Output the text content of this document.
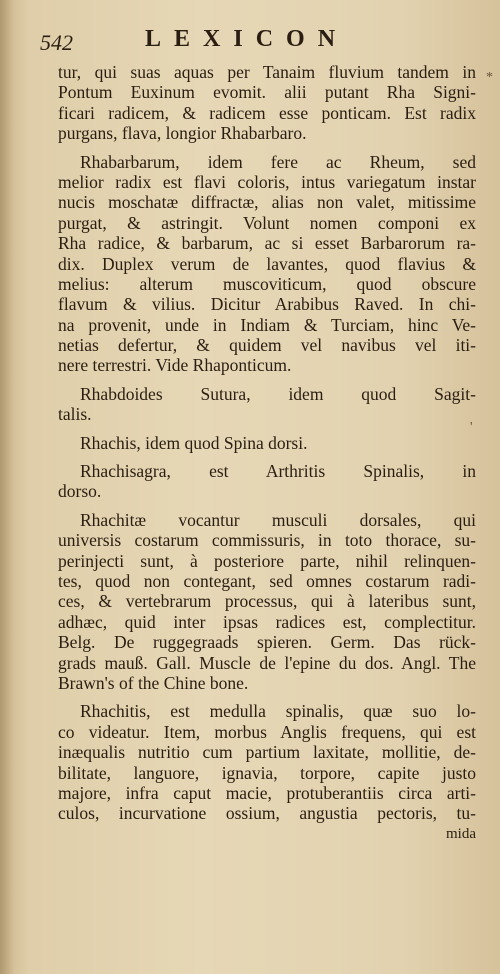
542	LEXICON
*
'
tur, qui suas aquas per Tanaim fluvium tandem in
Pontum Euxinum evomit. alii putant Rha Signi-
ficari radicem, & radicem esse ponticam. Est radix
purgans, flava, longior Rhabarbaro.
Rhabarbarum, idem fere ac Rheum, sed
melior radix est flavi coloris, intus variegatum instar
nucis moschatæ diffractæ, alias non valet, mitissime
purgat, & astringit. Volunt nomen componi ex
Rha radice, & barbarum, ac si esset Barbarorum ra-
dix. Duplex verum de lavantes, quod flavius &
melius: alterum muscoviticum, quod obscure
flavum & vilius. Dicitur Arabibus Raved. In chi-
na provenit, unde in Indiam & Turciam, hinc Ve-
netias defertur, & quidem vel navibus vel iti-
nere terrestri. Vide Rhaponticum.
Rhabdoides Sutura, idem quod Sagit-
talis.
Rhachis, idem quod Spina dorsi.
Rhachisagra, est Arthritis Spinalis, in
dorso.
Rhachitæ vocantur musculi dorsales, qui
universis costarum commissuris, in toto thorace, su-
perinjecti sunt, à posteriore parte, nihil relinquen-
tes, quod non contegant, sed omnes costarum radi-
ces, & vertebrarum processus, qui à lateribus sunt,
adhæc, quid inter ipsas radices est, complectitur.
Belg. De ruggegraads spieren. Germ. Das rück-
grads mauß. Gall. Muscle de l'epine du dos. Angl. The
Brawn's of the Chine bone.
Rhachitis, est medulla spinalis, quæ suo lo-
co videatur. Item, morbus Anglis frequens, qui est
inæqualis nutritio cum partium laxitate, mollitie, de-
bilitate, languore, ignavia, torpore, capite justo
majore, infra caput macie, protuberantiis circa arti-
culos, incurvatione ossium, angustia pectoris, tu-
mida
